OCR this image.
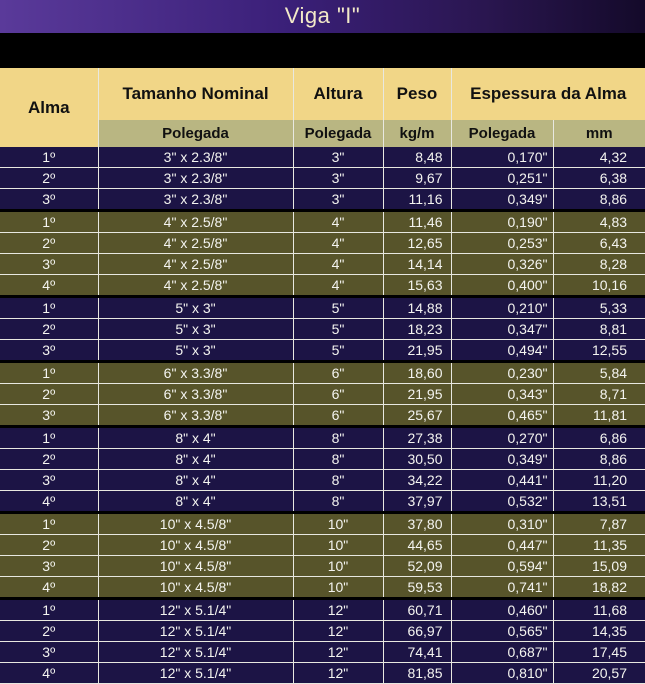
Viga "I"
Alma	Tamanho Nominal	Altura	Peso	Espessura da Alma	
	Polegada	Polegada	kg/m	Polegada	mm
1º	3" x 2.3/8"	3"	8,48	0,170"	4,32
2º	3" x 2.3/8"	3"	9,67	0,251"	6,38
3º	3" x 2.3/8"	3"	11,16	0,349"	8,86
1º	4" x 2.5/8"	4"	11,46	0,190"	4,83
2º	4" x 2.5/8"	4"	12,65	0,253"	6,43
3º	4" x 2.5/8"	4"	14,14	0,326"	8,28
4º	4" x 2.5/8"	4"	15,63	0,400"	10,16
1º	5" x 3"	5"	14,88	0,210"	5,33
2º	5" x 3"	5"	18,23	0,347"	8,81
3º	5" x 3"	5"	21,95	0,494"	12,55
1º	6" x 3.3/8"	6"	18,60	0,230"	5,84
2º	6" x 3.3/8"	6"	21,95	0,343"	8,71
3º	6" x 3.3/8"	6"	25,67	0,465"	11,81
1º	8" x 4"	8"	27,38	0,270"	6,86
2º	8" x 4"	8"	30,50	0,349"	8,86
3º	8" x 4"	8"	34,22	0,441"	11,20
4º	8" x 4"	8"	37,97	0,532"	13,51
1º	10" x 4.5/8"	10"	37,80	0,310"	7,87
2º	10" x 4.5/8"	10"	44,65	0,447"	11,35
3º	10" x 4.5/8"	10"	52,09	0,594"	15,09
4º	10" x 4.5/8"	10"	59,53	0,741"	18,82
1º	12" x 5.1/4"	12"	60,71	0,460"	11,68
2º	12" x 5.1/4"	12"	66,97	0,565"	14,35
3º	12" x 5.1/4"	12"	74,41	0,687"	17,45
4º	12" x 5.1/4"	12"	81,85	0,810"	20,57
